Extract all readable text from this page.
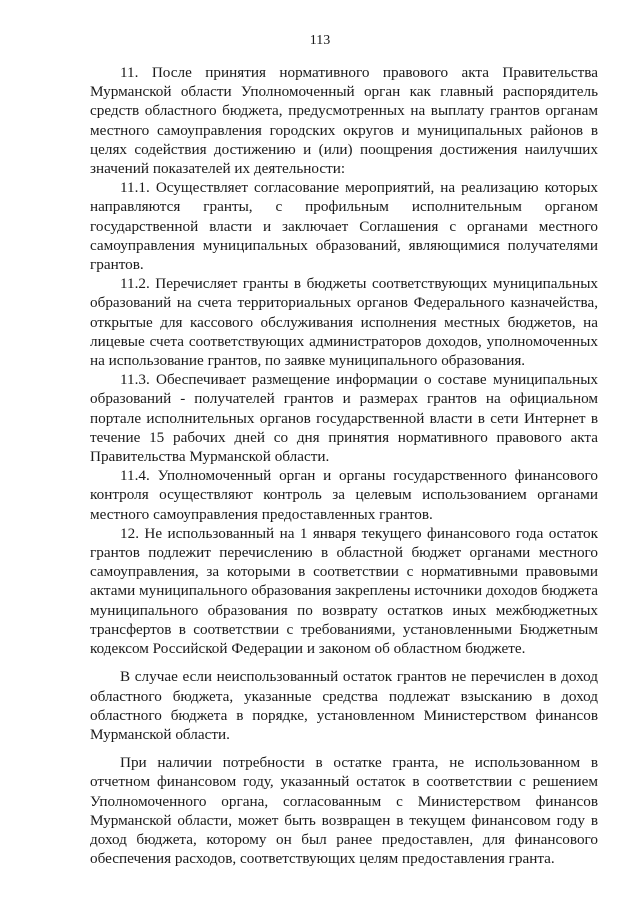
113

11. После принятия нормативного правового акта Правительства Мурманской области Уполномоченный орган как главный распорядитель средств областного бюджета, предусмотренных на выплату грантов органам местного самоуправления городских округов и муниципальных районов в целях содействия достижению и (или) поощрения достижения наилучших значений показателей их деятельности:

11.1. Осуществляет согласование мероприятий, на реализацию которых направляются гранты, с профильным исполнительным органом государственной власти и заключает Соглашения с органами местного самоуправления муниципальных образований, являющимися получателями грантов.

11.2. Перечисляет гранты в бюджеты соответствующих муниципальных образований на счета территориальных органов Федерального казначейства, открытые для кассового обслуживания исполнения местных бюджетов, на лицевые счета соответствующих администраторов доходов, уполномоченных на использование грантов, по заявке муниципального образования.

11.3. Обеспечивает размещение информации о составе муниципальных образований - получателей грантов и размерах грантов на официальном портале исполнительных органов государственной власти в сети Интернет в течение 15 рабочих дней со дня принятия нормативного правового акта Правительства Мурманской области.

11.4. Уполномоченный орган и органы государственного финансового контроля осуществляют контроль за целевым использованием органами местного самоуправления предоставленных грантов.

12. Не использованный на 1 января текущего финансового года остаток грантов подлежит перечислению в областной бюджет органами местного самоуправления, за которыми в соответствии с нормативными правовыми актами муниципального образования закреплены источники доходов бюджета муниципального образования по возврату остатков иных межбюджетных трансфертов в соответствии с требованиями, установленными Бюджетным кодексом Российской Федерации и законом об областном бюджете.

В случае если неиспользованный остаток грантов не перечислен в доход областного бюджета, указанные средства подлежат взысканию в доход областного бюджета в порядке, установленном Министерством финансов Мурманской области.

При наличии потребности в остатке гранта, не использованном в отчетном финансовом году, указанный остаток в соответствии с решением Уполномоченного органа, согласованным с Министерством финансов Мурманской области, может быть возвращен в текущем финансовом году в доход бюджета, которому он был ранее предоставлен, для финансового обеспечения расходов, соответствующих целям предоставления гранта.
